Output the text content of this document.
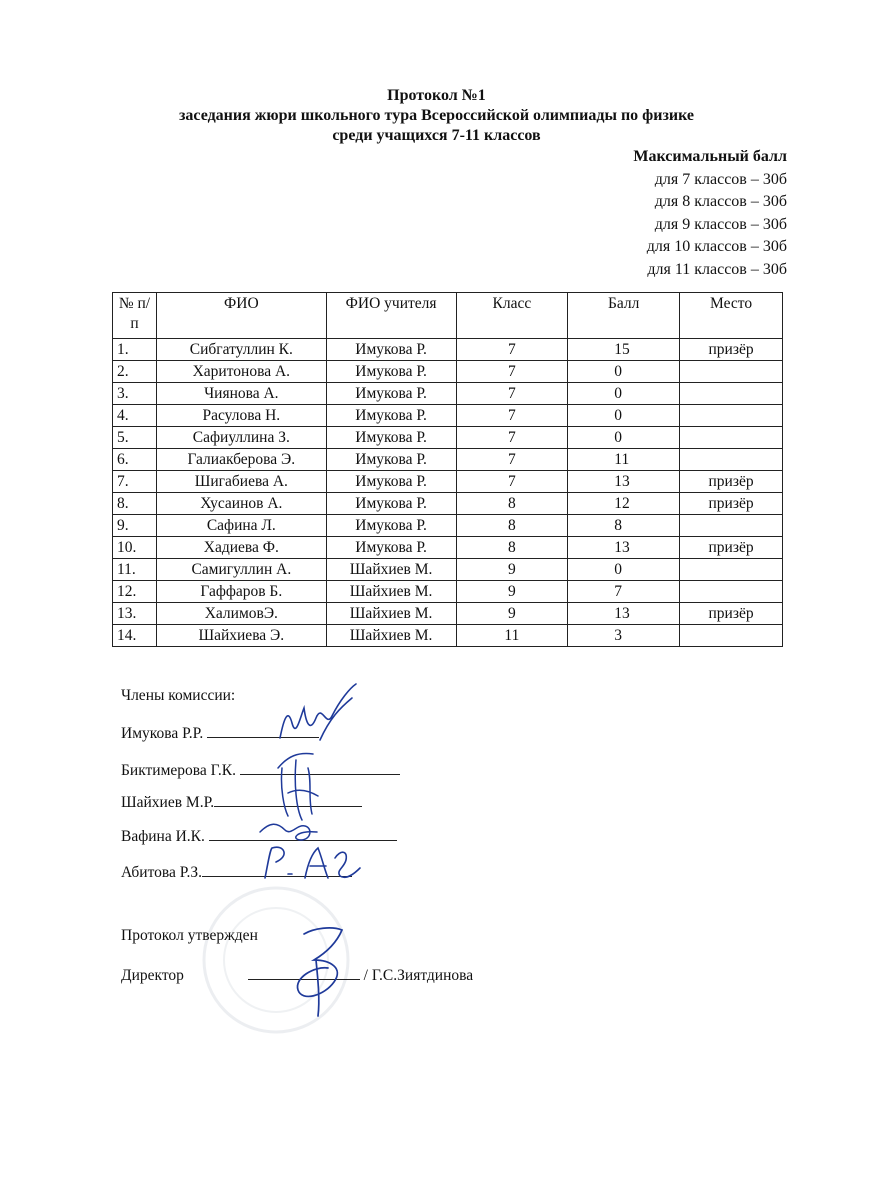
Протокол №1
заседания жюри школьного тура Всероссийской олимпиады по физике
среди учащихся 7-11 классов
Максимальный балл
для 7 классов – 30б
для 8 классов – 30б
для 9 классов – 30б
для 10 классов – 30б
для 11 классов – 30б
№ п/п	ФИО	ФИО учителя	Класс	Балл	Место
1.	Сибгатуллин К.	Имукова Р.	7	15	призёр
2.	Харитонова А.	Имукова Р.	7	0	
3.	Чиянова А.	Имукова Р.	7	0	
4.	Расулова Н.	Имукова Р.	7	0	
5.	Сафиуллина З.	Имукова Р.	7	0	
6.	Галиакберова Э.	Имукова Р.	7	11	
7.	Шигабиева А.	Имукова Р.	7	13	призёр
8.	Хусаинов А.	Имукова Р.	8	12	призёр
9.	Сафина Л.	Имукова Р.	8	8	
10.	Хадиева Ф.	Имукова Р.	8	13	призёр
11.	Самигуллин А.	Шайхиев М.	9	0	
12.	Гаффаров Б.	Шайхиев М.	9	7	
13.	ХалимовЭ.	Шайхиев М.	9	13	призёр
14.	Шайхиева Э.	Шайхиев М.	11	3	
Члены комиссии:
Имукова Р.Р.
Биктимерова Г.К.
Шайхиев М.Р.
Вафина И.К.
Абитова Р.З.
Протокол утвержден
Директор	/ Г.С.Зиятдинова
